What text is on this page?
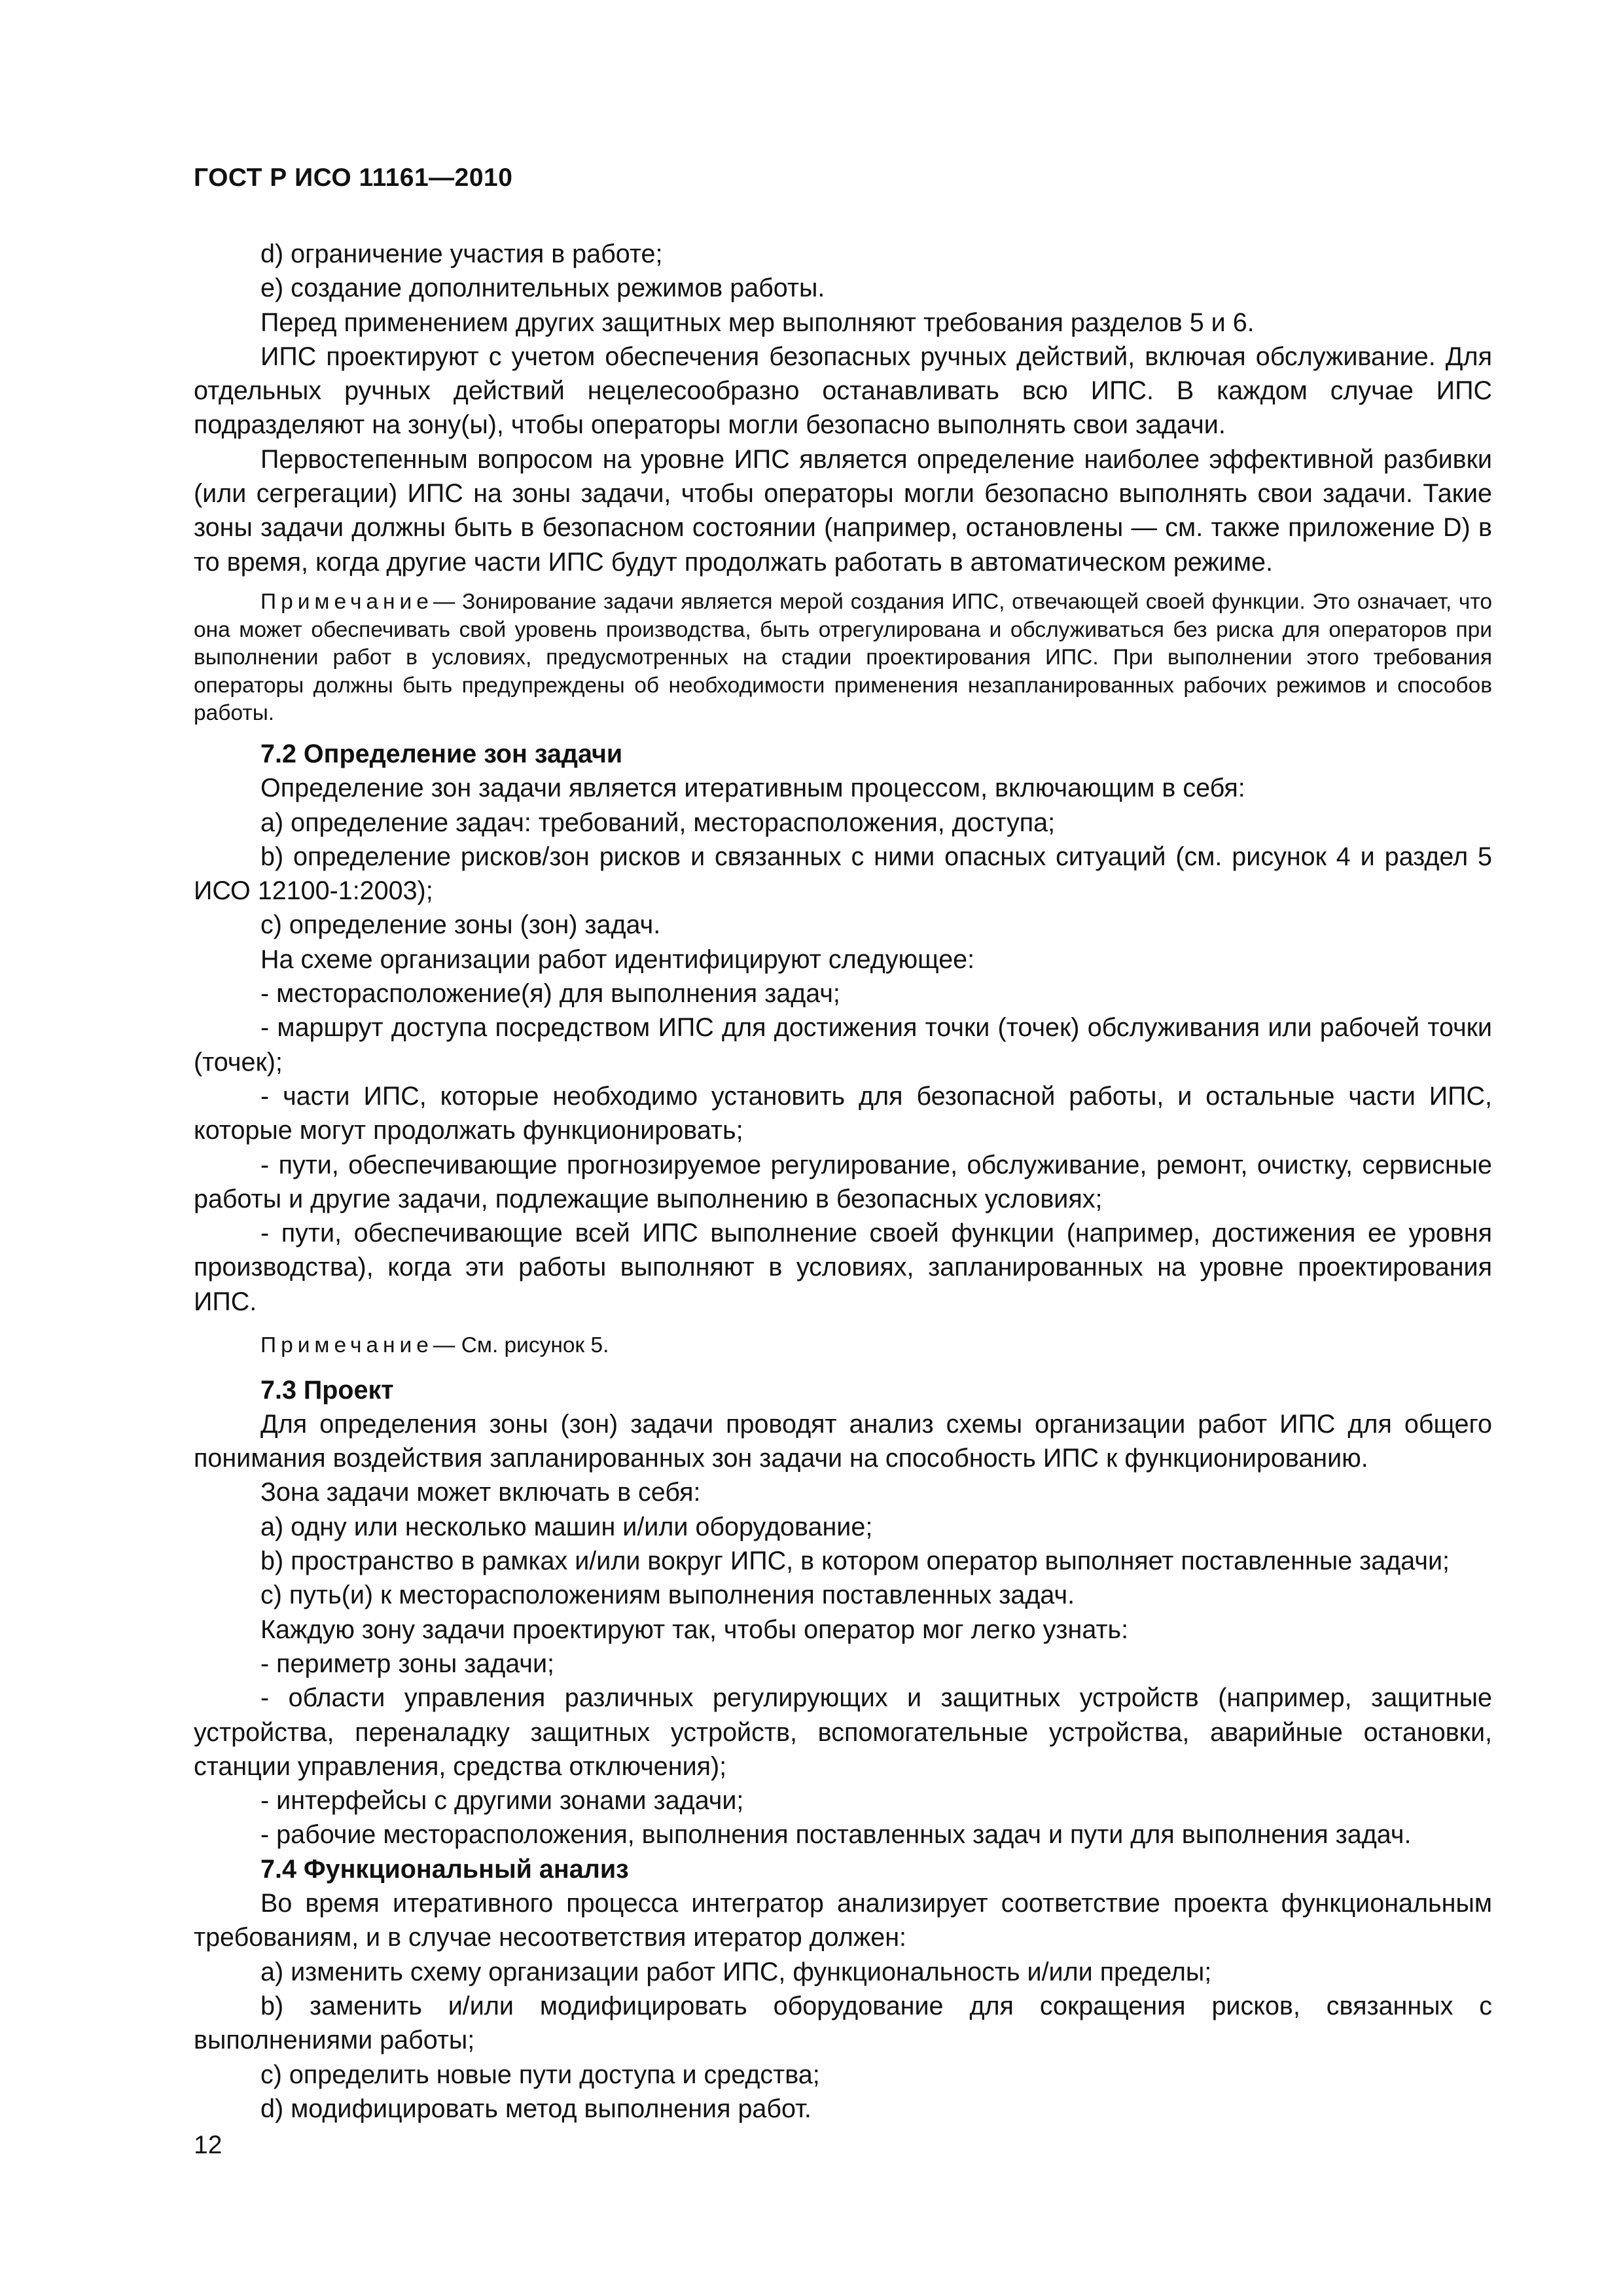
ГОСТ Р ИСО 11161—2010

d) ограничение участия в работе;

e) создание дополнительных режимов работы.

Перед применением других защитных мер выполняют требования разделов 5 и 6.

ИПС проектируют с учетом обеспечения безопасных ручных действий, включая обслуживание. Для отдельных ручных действий нецелесообразно останавливать всю ИПС. В каждом случае ИПС подразделяют на зону(ы), чтобы операторы могли безопасно выполнять свои задачи.

Первостепенным вопросом на уровне ИПС является определение наиболее эффективной разбивки (или сегрегации) ИПС на зоны задачи, чтобы операторы могли безопасно выполнять свои задачи. Такие зоны задачи должны быть в безопасном состоянии (например, остановлены — см. также приложение D) в то время, когда другие части ИПС будут продолжать работать в автоматическом режиме.

Примечание— Зонирование задачи является мерой создания ИПС, отвечающей своей функции. Это означает, что она может обеспечивать свой уровень производства, быть отрегулирована и обслуживаться без риска для операторов при выполнении работ в условиях, предусмотренных на стадии проектирования ИПС. При выполнении этого требования операторы должны быть предупреждены об необходимости применения незапланированных рабочих режимов и способов работы.

7.2 Определение зон задачи

Определение зон задачи является итеративным процессом, включающим в себя:

a) определение задач: требований, месторасположения, доступа;

b) определение рисков/зон рисков и связанных с ними опасных ситуаций (см. рисунок 4 и раздел 5 ИСО 12100-1:2003);

c) определение зоны (зон) задач.

На схеме организации работ идентифицируют следующее:

- месторасположение(я) для выполнения задач;

- маршрут доступа посредством ИПС для достижения точки (точек) обслуживания или рабочей точки (точек);

- части ИПС, которые необходимо установить для безопасной работы, и остальные части ИПС, которые могут продолжать функционировать;

- пути, обеспечивающие прогнозируемое регулирование, обслуживание, ремонт, очистку, сервисные работы и другие задачи, подлежащие выполнению в безопасных условиях;

- пути, обеспечивающие всей ИПС выполнение своей функции (например, достижения ее уровня производства), когда эти работы выполняют в условиях, запланированных на уровне проектирования ИПС.

Примечание— См. рисунок 5.

7.3 Проект

Для определения зоны (зон) задачи проводят анализ схемы организации работ ИПС для общего понимания воздействия запланированных зон задачи на способность ИПС к функционированию.

Зона задачи может включать в себя:

a) одну или несколько машин и/или оборудование;

b) пространство в рамках и/или вокруг ИПС, в котором оператор выполняет поставленные задачи;

c) путь(и) к месторасположениям выполнения поставленных задач.

Каждую зону задачи проектируют так, чтобы оператор мог легко узнать:

- периметр зоны задачи;

- области управления различных регулирующих и защитных устройств (например, защитные устройства, переналадку защитных устройств, вспомогательные устройства, аварийные остановки, станции управления, средства отключения);

- интерфейсы с другими зонами задачи;

- рабочие месторасположения, выполнения поставленных задач и пути для выполнения задач.

7.4 Функциональный анализ

Во время итеративного процесса интегратор анализирует соответствие проекта функциональным требованиям, и в случае несоответствия итератор должен:

a) изменить схему организации работ ИПС, функциональность и/или пределы;

b) заменить и/или модифицировать оборудование для сокращения рисков, связанных с выполнениями работы;

c) определить новые пути доступа и средства;

d) модифицировать метод выполнения работ.

12
